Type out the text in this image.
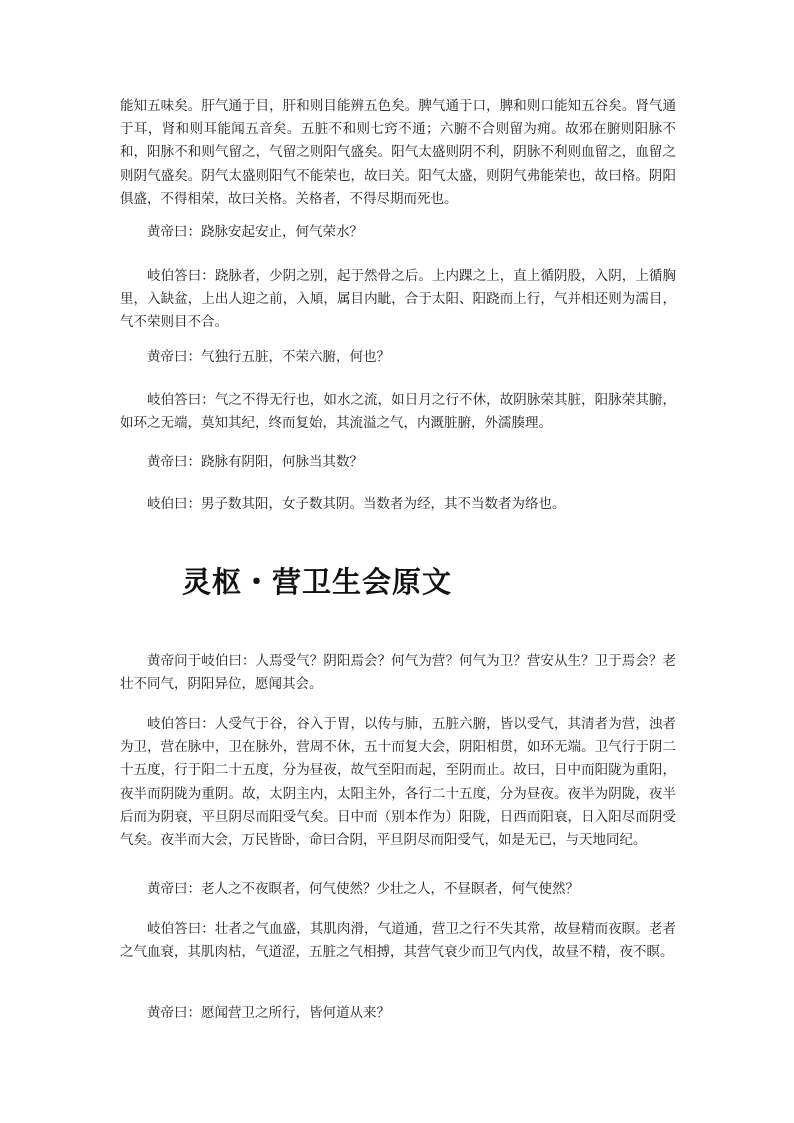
能知五味矣。肝气通于目，肝和则目能辨五色矣。脾气通于口，脾和则口能知五谷矣。肾气通于耳，肾和则耳能闻五音矣。五脏不和则七窍不通；六腑不合则留为痈。故邪在腑则阳脉不和，阳脉不和则气留之，气留之则阳气盛矣。阳气太盛则阴不利，阴脉不利则血留之，血留之则阴气盛矣。阴气太盛则阳气不能荣也，故曰关。阳气太盛，则阴气弗能荣也，故曰格。阴阳俱盛，不得相荣，故曰关格。关格者，不得尽期而死也。

黄帝曰：跷脉安起安止，何气荣水？

岐伯答曰：跷脉者，少阴之别，起于然骨之后。上内踝之上，直上循阴股，入阴，上循胸里，入缺盆，上出人迎之前，入頄，属目内眦，合于太阳、阳跷而上行，气并相还则为濡目，气不荣则目不合。

黄帝曰：气独行五脏，不荣六腑，何也？

岐伯答曰：气之不得无行也，如水之流，如日月之行不休，故阴脉荣其脏，阳脉荣其腑，如环之无端，莫知其纪，终而复始，其流溢之气，内溉脏腑，外濡腠理。

黄帝曰：跷脉有阴阳，何脉当其数？

岐伯曰：男子数其阳，女子数其阴。当数者为经，其不当数者为络也。

灵枢・营卫生会原文

黄帝问于岐伯曰：人焉受气？阴阳焉会？何气为营？何气为卫？营安从生？卫于焉会？老壮不同气，阴阳异位，愿闻其会。

岐伯答曰：人受气于谷，谷入于胃，以传与肺，五脏六腑，皆以受气，其清者为营，浊者为卫，营在脉中，卫在脉外，营周不休，五十而复大会，阴阳相贯，如环无端。卫气行于阴二十五度，行于阳二十五度，分为昼夜，故气至阳而起，至阴而止。故曰，日中而阳陇为重阳，夜半而阴陇为重阴。故，太阴主内，太阳主外，各行二十五度，分为昼夜。夜半为阴陇，夜半后而为阴衰，平旦阴尽而阳受气矣。日中而（别本作为）阳陇，日西而阳衰，日入阳尽而阴受气矣。夜半而大会，万民皆卧，命曰合阴，平旦阴尽而阳受气，如是无已，与天地同纪。

黄帝曰：老人之不夜瞑者，何气使然？少壮之人，不昼瞑者，何气使然？

岐伯答曰：壮者之气血盛，其肌肉滑，气道通，营卫之行不失其常，故昼精而夜瞑。老者之气血衰，其肌肉枯，气道涩，五脏之气相搏，其营气衰少而卫气内伐，故昼不精，夜不瞑。

黄帝曰：愿闻营卫之所行，皆何道从来？
